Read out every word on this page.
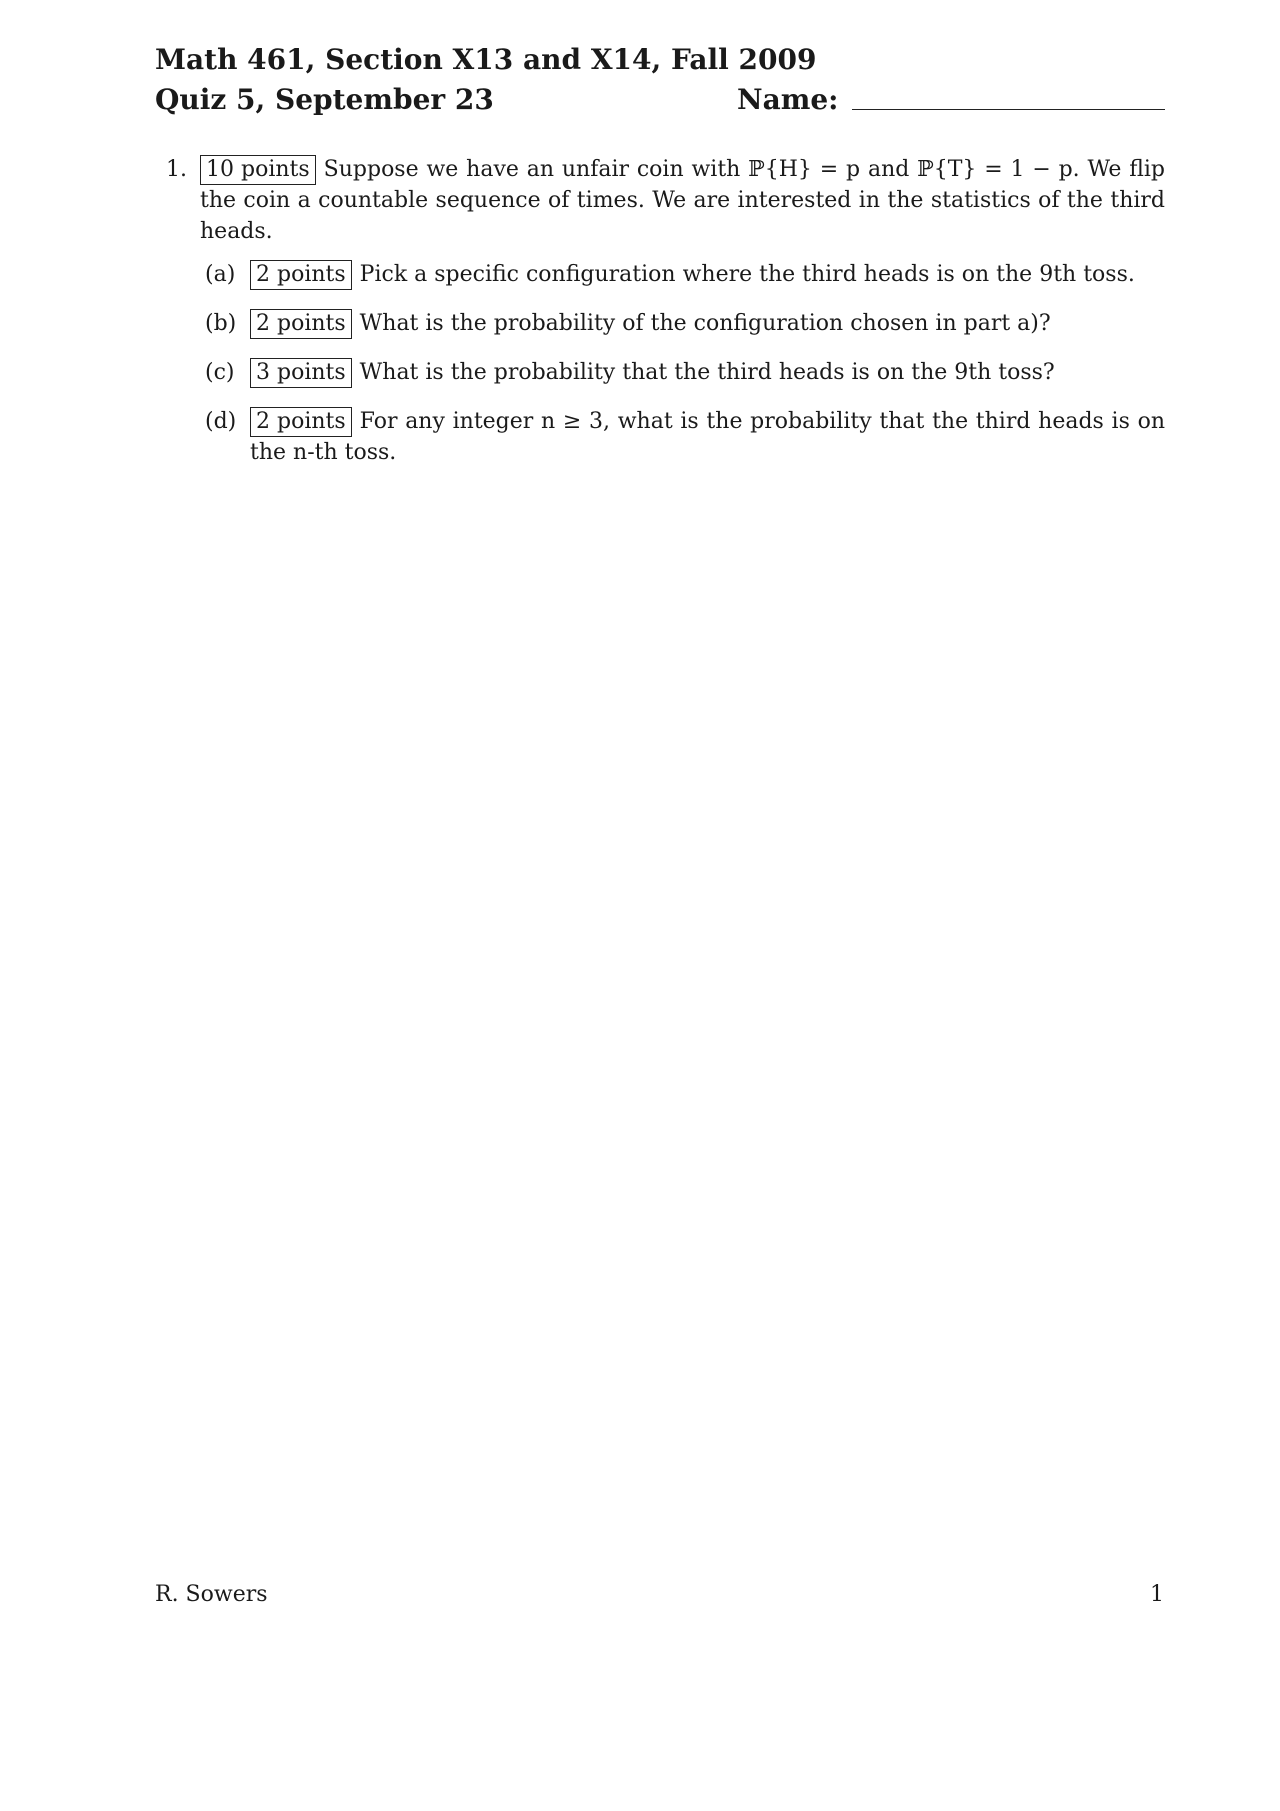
Math 461, Section X13 and X14, Fall 2009
Quiz 5, September 23	Name:
1. 10 points Suppose we have an unfair coin with ℙ{H} = p and ℙ{T} = 1 − p. We flip the coin a countable sequence of times. We are interested in the statistics of the third heads.
(a) 2 points Pick a specific configuration where the third heads is on the 9th toss.
(b) 2 points What is the probability of the configuration chosen in part a)?
(c) 3 points What is the probability that the third heads is on the 9th toss?
(d) 2 points For any integer n ≥ 3, what is the probability that the third heads is on the n-th toss.
R. Sowers	1
